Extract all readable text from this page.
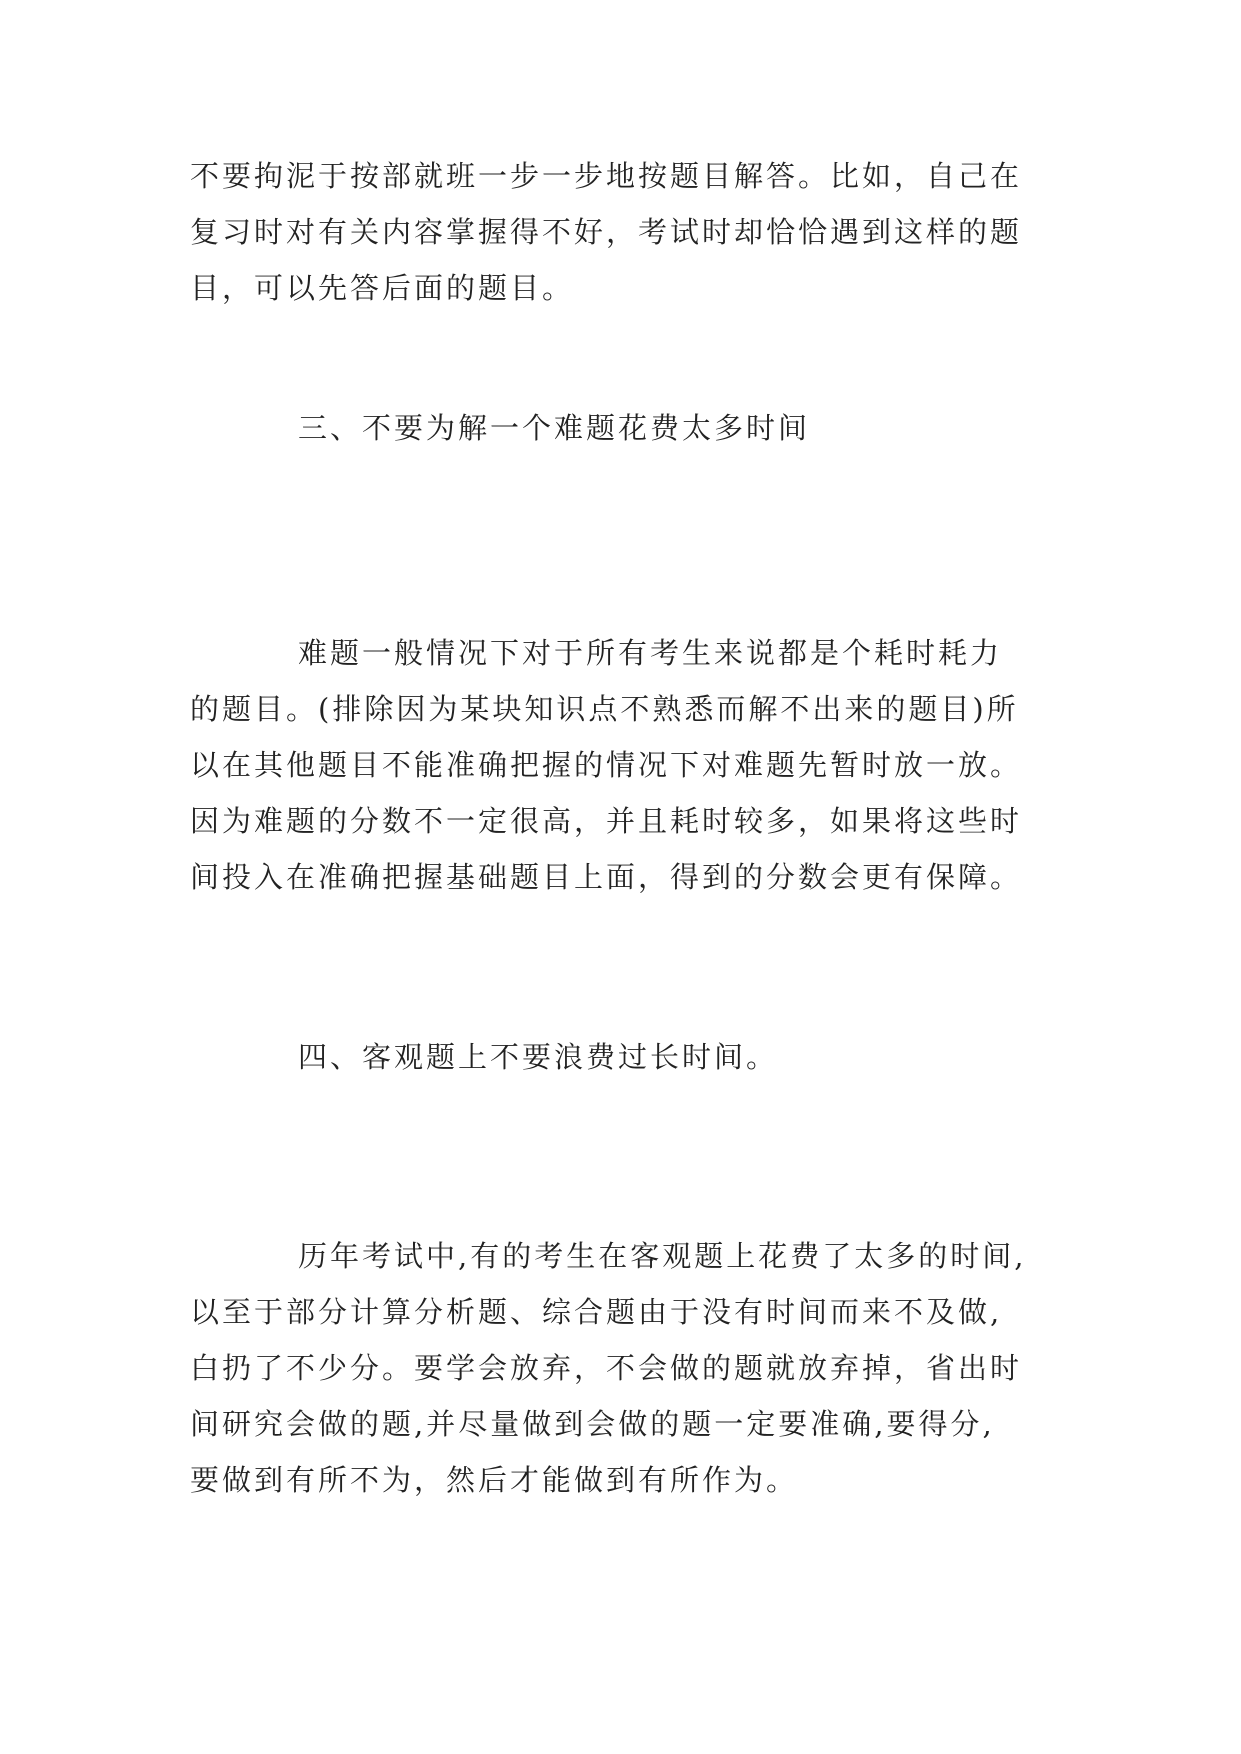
不要拘泥于按部就班一步一步地按题目解答。比如，自己在
复习时对有关内容掌握得不好，考试时却恰恰遇到这样的题
目，可以先答后面的题目。

三、不要为解一个难题花费太多时间

难题一般情况下对于所有考生来说都是个耗时耗力
的题目。(排除因为某块知识点不熟悉而解不出来的题目)所
以在其他题目不能准确把握的情况下对难题先暂时放一放。
因为难题的分数不一定很高，并且耗时较多，如果将这些时
间投入在准确把握基础题目上面，得到的分数会更有保障。

四、客观题上不要浪费过长时间。

历年考试中,有的考生在客观题上花费了太多的时间,
以至于部分计算分析题、综合题由于没有时间而来不及做,
白扔了不少分。要学会放弃，不会做的题就放弃掉，省出时
间研究会做的题,并尽量做到会做的题一定要准确,要得分,
要做到有所不为，然后才能做到有所作为。
